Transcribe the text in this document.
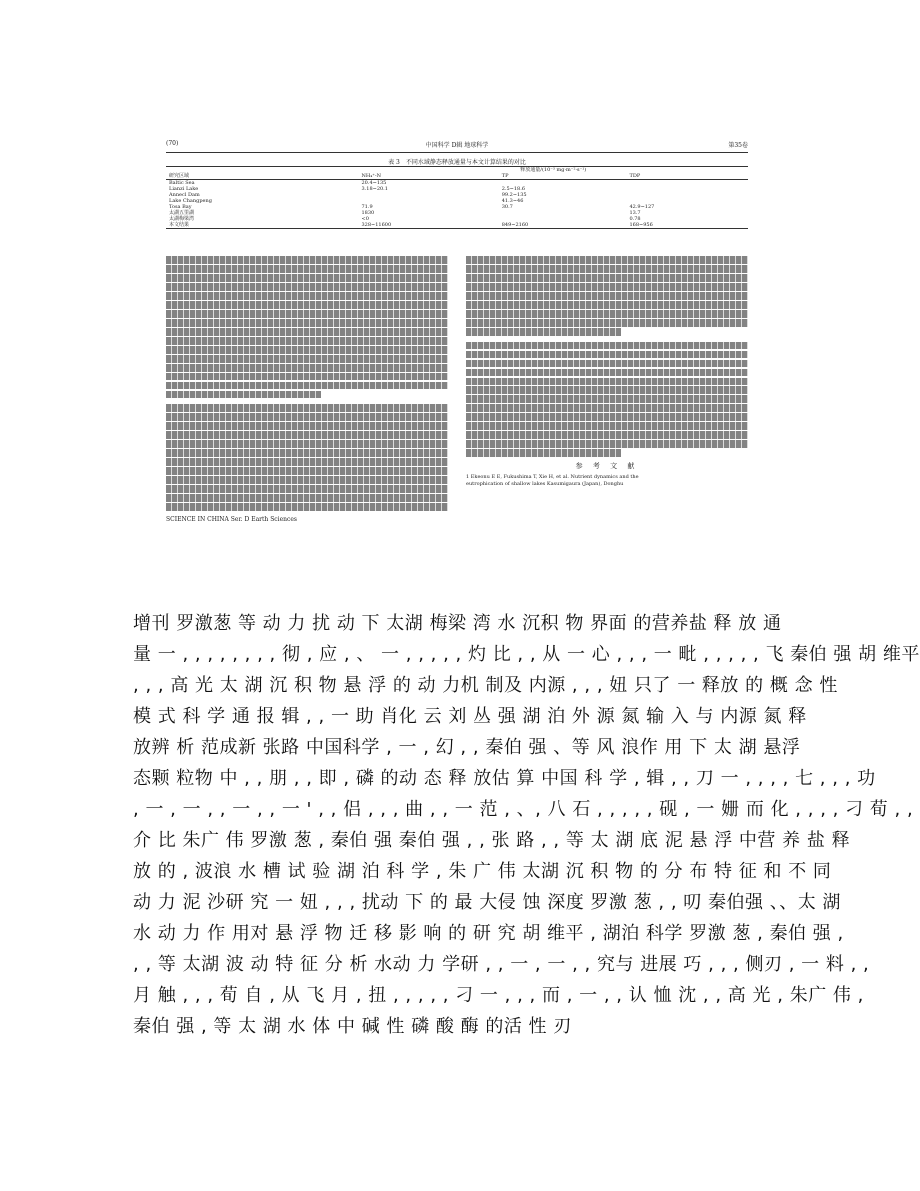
(70)	中国科学 D辑 地球科学	第35卷
表 3　不同水域静态释放通量与本文计算结果的对比
	释放通量/(10⁻³ mg·m⁻²·s⁻¹)		
研究区域	NH₄⁺-N	TP	TDP
Baltic Sea	20.4~135		
Lianzi Lake	3.18~20.1	2.5~18.6	
Annecl Dam		99.2~135	
Lake Changpeng		41.3~46	
Tosa Bay	71.9	30.7	42.9~127
太湖五里湖	1830		13.7
太湖梅梁湾	<0		0.78
本文结果	328~11600	849~2160	168~956
参 考 文 献
1 Ekeonu E E, Fukushima T, Xie H, et al. Nutrient dynamics and the
eutrophication of shallow lakes Kasumigaura (Japan), Donghu
SCIENCE IN CHINA Ser. D Earth Sciences
增刊 罗激葱 等 动 力 扰 动 下 太湖 梅梁 湾 水 沉积 物 界面 的营养盐 释 放 通
量 一 , , , , , , , , 彻 , 应 , 、 一 , , , , , 灼 比 , , 从 一 心 , , , 一 毗 , , , , , 飞 秦伯 强 胡 维平
, , , 高 光 太 湖 沉 积 物 悬 浮 的 动 力机 制及 内源 , , , 妞 只了 一 释放 的 概 念 性
模 式 科 学 通 报 辑 , , 一 助 肖化 云 刘 丛 强 湖 泊 外 源 氮 输 入 与 内源 氮 释
放辨 析 范成新 张路 中国科学 , 一 , 幻 , , 秦伯 强 、等 风 浪作 用 下 太 湖 悬浮
态颗 粒物 中 , , 朋 , , 即 , 磷 的动 态 释 放估 算 中国 科 学 , 辑 , , 刀 一 , , , , 七 , , , 功
, 一 , 一 , , 一 , , 一 ' , , 侣 , , , 曲 , , 一 范 , 、, 八 石 , , , , , 砚 , 一 姗 而 化 , , , , 刁 荀 , ,
介 比 朱广 伟 罗激 葱 , 秦伯 强 秦伯 强 , , 张 路 , , 等 太 湖 底 泥 悬 浮 中营 养 盐 释
放 的 , 波浪 水 槽 试 验 湖 泊 科 学 , 朱 广 伟 太湖 沉 积 物 的 分 布 特 征 和 不 同
动 力 泥 沙研 究 一 妞 , , , 扰动 下 的 最 大侵 蚀 深度 罗激 葱 , , 叨 秦伯强 、、太 湖
水 动 力 作 用对 悬 浮 物 迁 移 影 响 的 研 究 胡 维平 , 湖泊 科学 罗激 葱 , 秦伯 强 ,
, , 等 太湖 波 动 特 征 分 析 水动 力 学研 , , 一 , 一 , , 究与 进展 巧 , , , 侧刃 , 一 料 , ,
月 触 , , , 荀 自 , 从 飞 月 , 扭 , , , , , 刁 一 , , , 而 , 一 , , 认 恤 沈 , , 高 光 , 朱广 伟 ,
秦伯 强 , 等 太 湖 水 体 中 碱 性 磷 酸 酶 的活 性 刃
